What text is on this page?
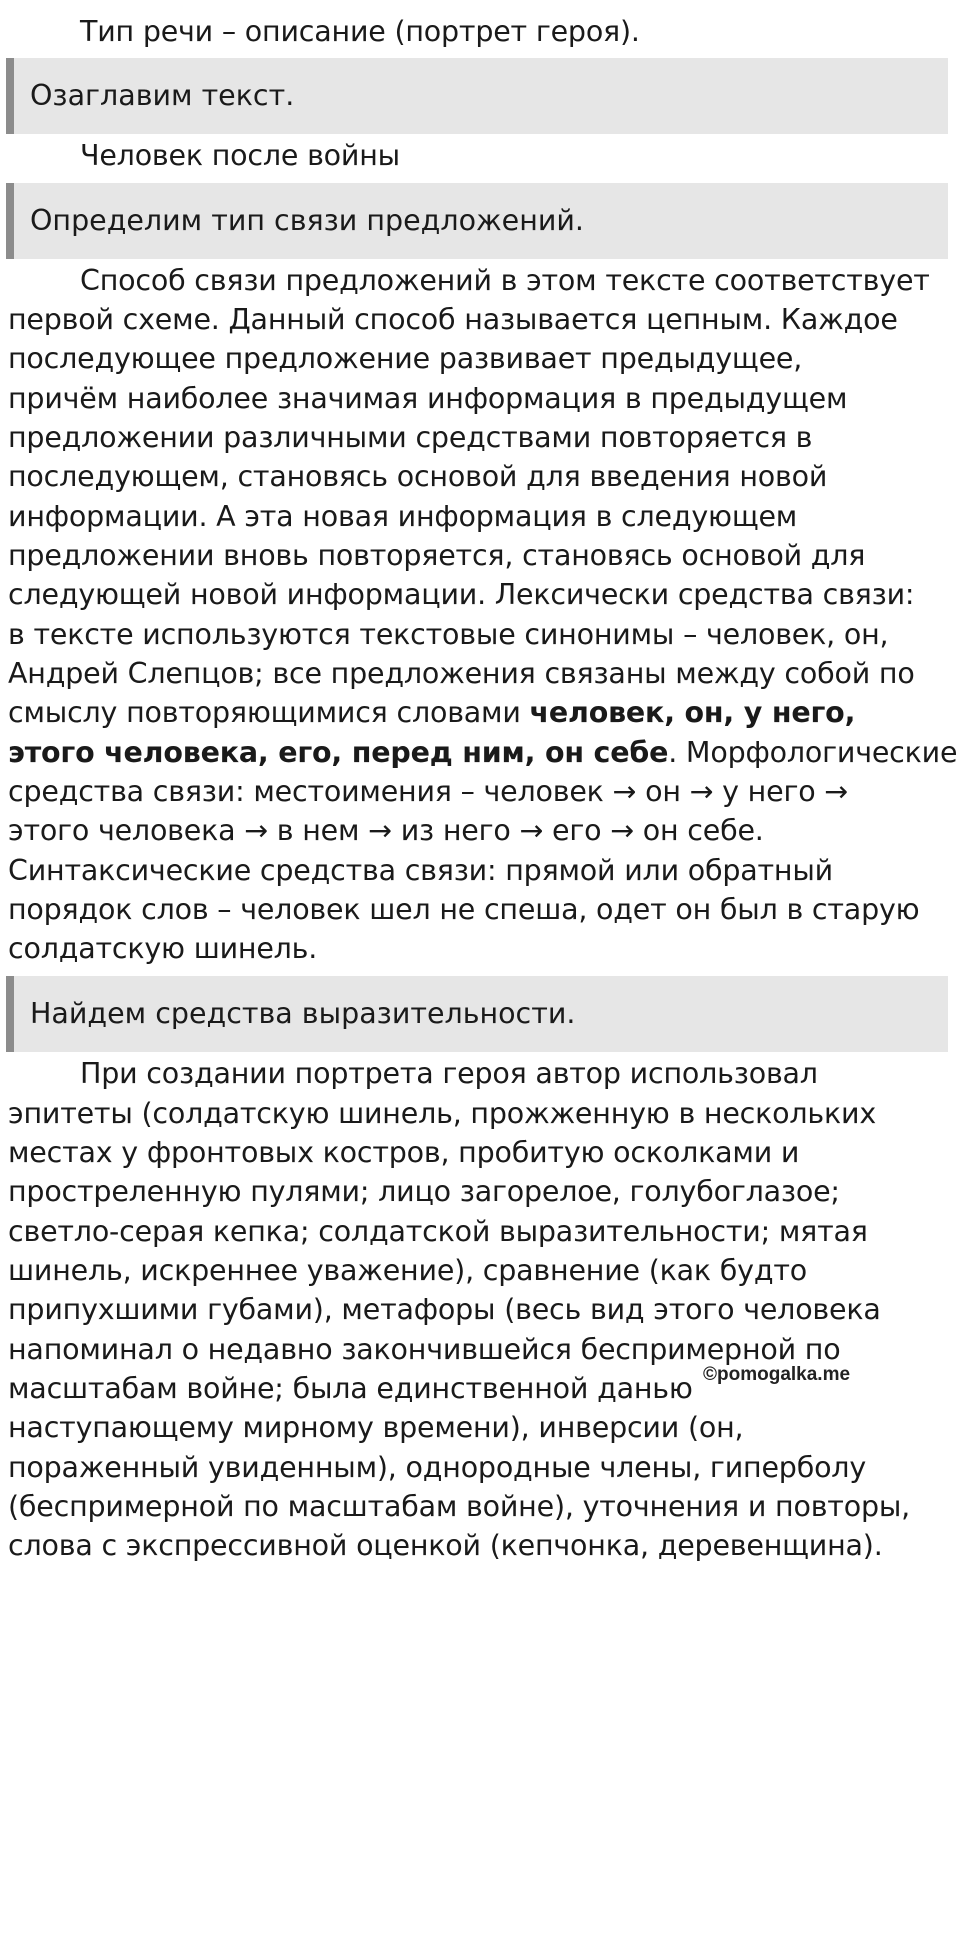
Тип речи – описание (портрет героя).
Озаглавим текст.
Человек после войны
Определим тип связи предложений.
Способ связи предложений в этом тексте соответствует
первой схеме. Данный способ называется цепным. Каждое
последующее предложение развивает предыдущее,
причём наиболее значимая информация в предыдущем
предложении различными средствами повторяется в
последующем, становясь основой для введения новой
информации. А эта новая информация в следующем
предложении вновь повторяется, становясь основой для
следующей новой информации. Лексически средства связи:
в тексте используются текстовые синонимы – человек, он,
Андрей Слепцов; все предложения связаны между собой по
смыслу повторяющимися словами человек, он, у него,
этого человека, его, перед ним, он себе. Морфологические
средства связи: местоимения – человек → он → у него →
этого человека → в нем → из него → его → он себе.
Синтаксические средства связи: прямой или обратный
порядок слов – человек шел не спеша, одет он был в старую
солдатскую шинель.
Найдем средства выразительности.
При создании портрета героя автор использовал
эпитеты (солдатскую шинель, прожженную в нескольких
местах у фронтовых костров, пробитую осколками и
простреленную пулями; лицо загорелое, голубоглазое;
светло-серая кепка; солдатской выразительности; мятая
шинель, искреннее уважение), сравнение (как будто
припухшими губами), метафоры (весь вид этого человека
напоминал о недавно закончившейся беспримерной по
масштабам войне; была единственной данью
наступающему мирному времени), инверсии (он,
пораженный увиденным), однородные члены, гиперболу
(беспримерной по масштабам войне), уточнения и повторы,
слова с экспрессивной оценкой (кепчонка, деревенщина).
©pomogalka.me
